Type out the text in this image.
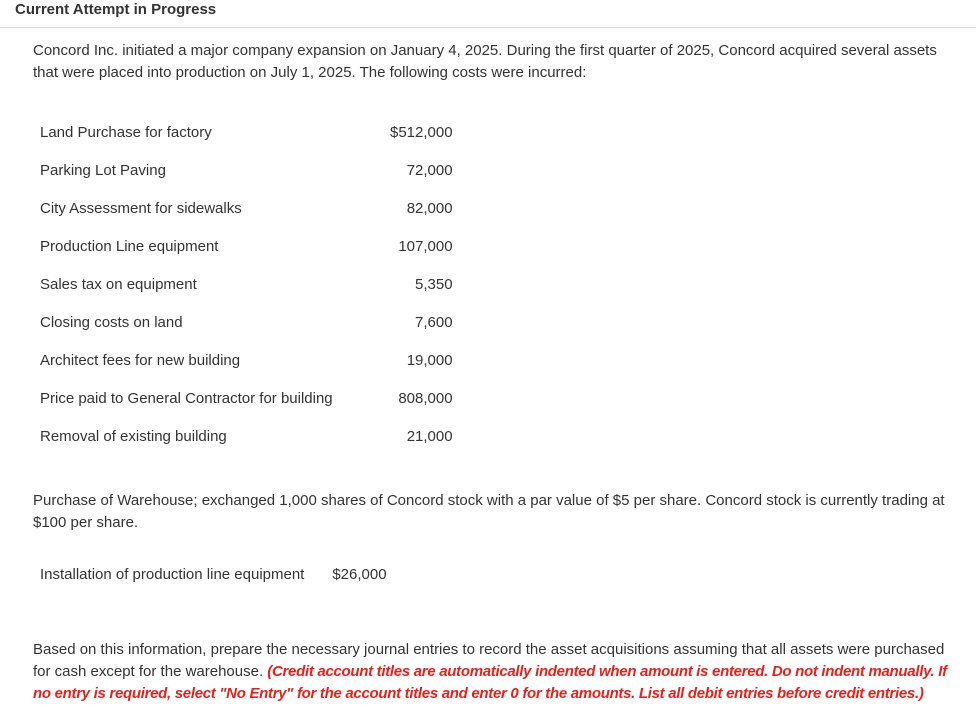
Current Attempt in Progress
Concord Inc. initiated a major company expansion on January 4, 2025. During the first quarter of 2025, Concord acquired several assets that were placed into production on July 1, 2025. The following costs were incurred:
Land Purchase for factory	$512,000
Parking Lot Paving	72,000
City Assessment for sidewalks	82,000
Production Line equipment	107,000
Sales tax on equipment	5,350
Closing costs on land	7,600
Architect fees for new building	19,000
Price paid to General Contractor for building	808,000
Removal of existing building	21,000
Purchase of Warehouse; exchanged 1,000 shares of Concord stock with a par value of $5 per share. Concord stock is currently trading at $100 per share.
Installation of production line equipment $26,000
Based on this information, prepare the necessary journal entries to record the asset acquisitions assuming that all assets were purchased for cash except for the warehouse. (Credit account titles are automatically indented when amount is entered. Do not indent manually. If no entry is required, select "No Entry" for the account titles and enter 0 for the amounts. List all debit entries before credit entries.)
